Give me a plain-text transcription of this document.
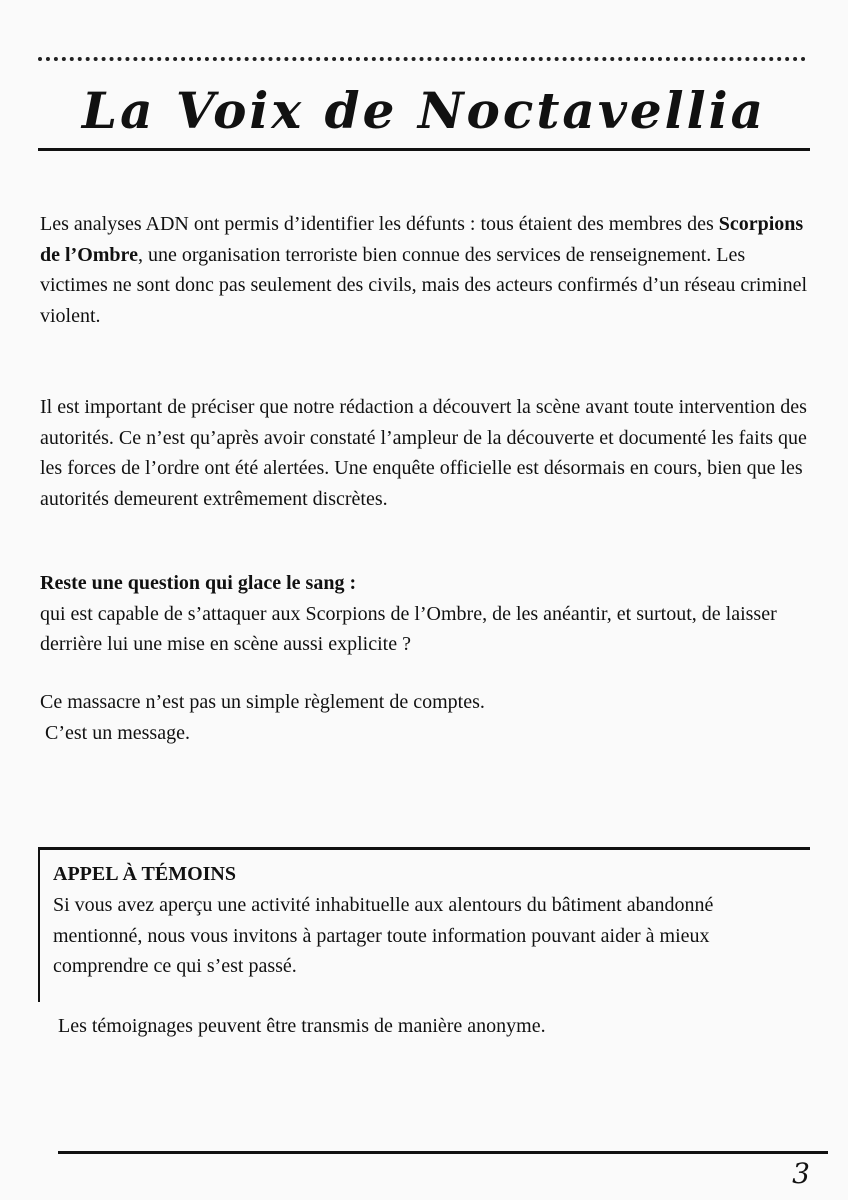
La Voix de Noctavellia

Les analyses ADN ont permis d’identifier les défunts : tous étaient des membres des Scorpions de l’Ombre, une organisation terroriste bien connue des services de renseignement. Les victimes ne sont donc pas seulement des civils, mais des acteurs confirmés d’un réseau criminel violent.

Il est important de préciser que notre rédaction a découvert la scène avant toute intervention des autorités. Ce n’est qu’après avoir constaté l’ampleur de la découverte et documenté les faits que les forces de l’ordre ont été alertées. Une enquête officielle est désormais en cours, bien que les autorités demeurent extrêmement discrètes.

Reste une question qui glace le sang :
qui est capable de s’attaquer aux Scorpions de l’Ombre, de les anéantir, et surtout, de laisser derrière lui une mise en scène aussi explicite ?
Ce massacre n’est pas un simple règlement de comptes.
C’est un message.
APPEL À TÉMOINS

Si vous avez aperçu une activité inhabituelle aux alentours du bâtiment abandonné mentionné, nous vous invitons à partager toute information pouvant aider à mieux comprendre ce qui s’est passé.

Les témoignages peuvent être transmis de manière anonyme.

3
